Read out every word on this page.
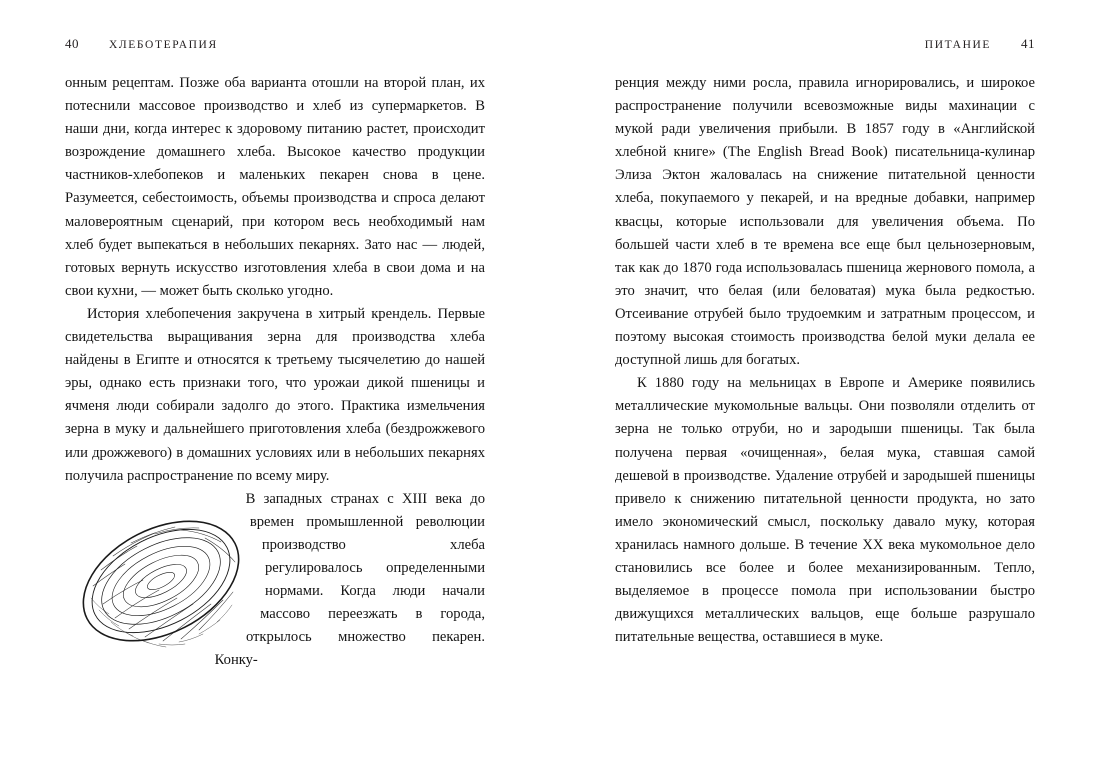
40	ХЛЕБОТЕРАПИЯ	ПИТАНИЕ 41

онным рецептам. Позже оба варианта отошли на второй план, их потеснили массовое производство и хлеб из супермаркетов. В наши дни, когда интерес к здоровому питанию растет, происходит возрождение домашнего хлеба. Высокое качество продукции частников-хлебопеков и маленьких пекарен снова в цене. Разумеется, себестоимость, объемы производства и спроса делают маловероятным сценарий, при котором весь необходимый нам хлеб будет выпекаться в небольших пекарнях. Зато нас — людей, готовых вернуть искусство изготовления хлеба в свои дома и на свои кухни, — может быть сколько угодно.

История хлебопечения закручена в хитрый крендель. Первые свидетельства выращивания зерна для производства хлеба найдены в Египте и относятся к третьему тысячелетию до нашей эры, однако есть признаки того, что урожаи дикой пшеницы и ячменя люди собирали задолго до этого. Практика измельчения зерна в муку и дальнейшего приготовления хлеба (бездрожжевого или дрожжевого) в домашних условиях или в небольших пекарнях получила распространение по всему миру.

В западных странах с XIII века до времен промышленной революции производство хлеба регулировалось определенными нормами. Когда люди начали массово переезжать в города, открылось множество пекарен. Конку-

ренция между ними росла, правила игнорировались, и широкое распространение получили всевозможные виды махинации с мукой ради увеличения прибыли. В 1857 году в «Английской хлебной книге» (The English Bread Book) писательница-кулинар Элиза Эктон жаловалась на снижение питательной ценности хлеба, покупаемого у пекарей, и на вредные добавки, например квасцы, которые использовали для увеличения объема. По большей части хлеб в те времена все еще был цельнозерновым, так как до 1870 года использовалась пшеница жернового помола, а это значит, что белая (или беловатая) мука была редкостью. Отсеивание отрубей было трудоемким и затратным процессом, и поэтому высокая стоимость производства белой муки делала ее доступной лишь для богатых.

К 1880 году на мельницах в Европе и Америке появились металлические мукомольные вальцы. Они позволяли отделить от зерна не только отруби, но и зародыши пшеницы. Так была получена первая «очищенная», белая мука, ставшая самой дешевой в производстве. Удаление отрубей и зародышей пшеницы привело к снижению питательной ценности продукта, но зато имело экономический смысл, поскольку давало муку, которая хранилась намного дольше. В течение XX века мукомольное дело становились все более и более механизированным. Тепло, выделяемое в процессе помола при использовании быстро движущихся металлических вальцов, еще больше разрушало питательные вещества, оставшиеся в муке.
